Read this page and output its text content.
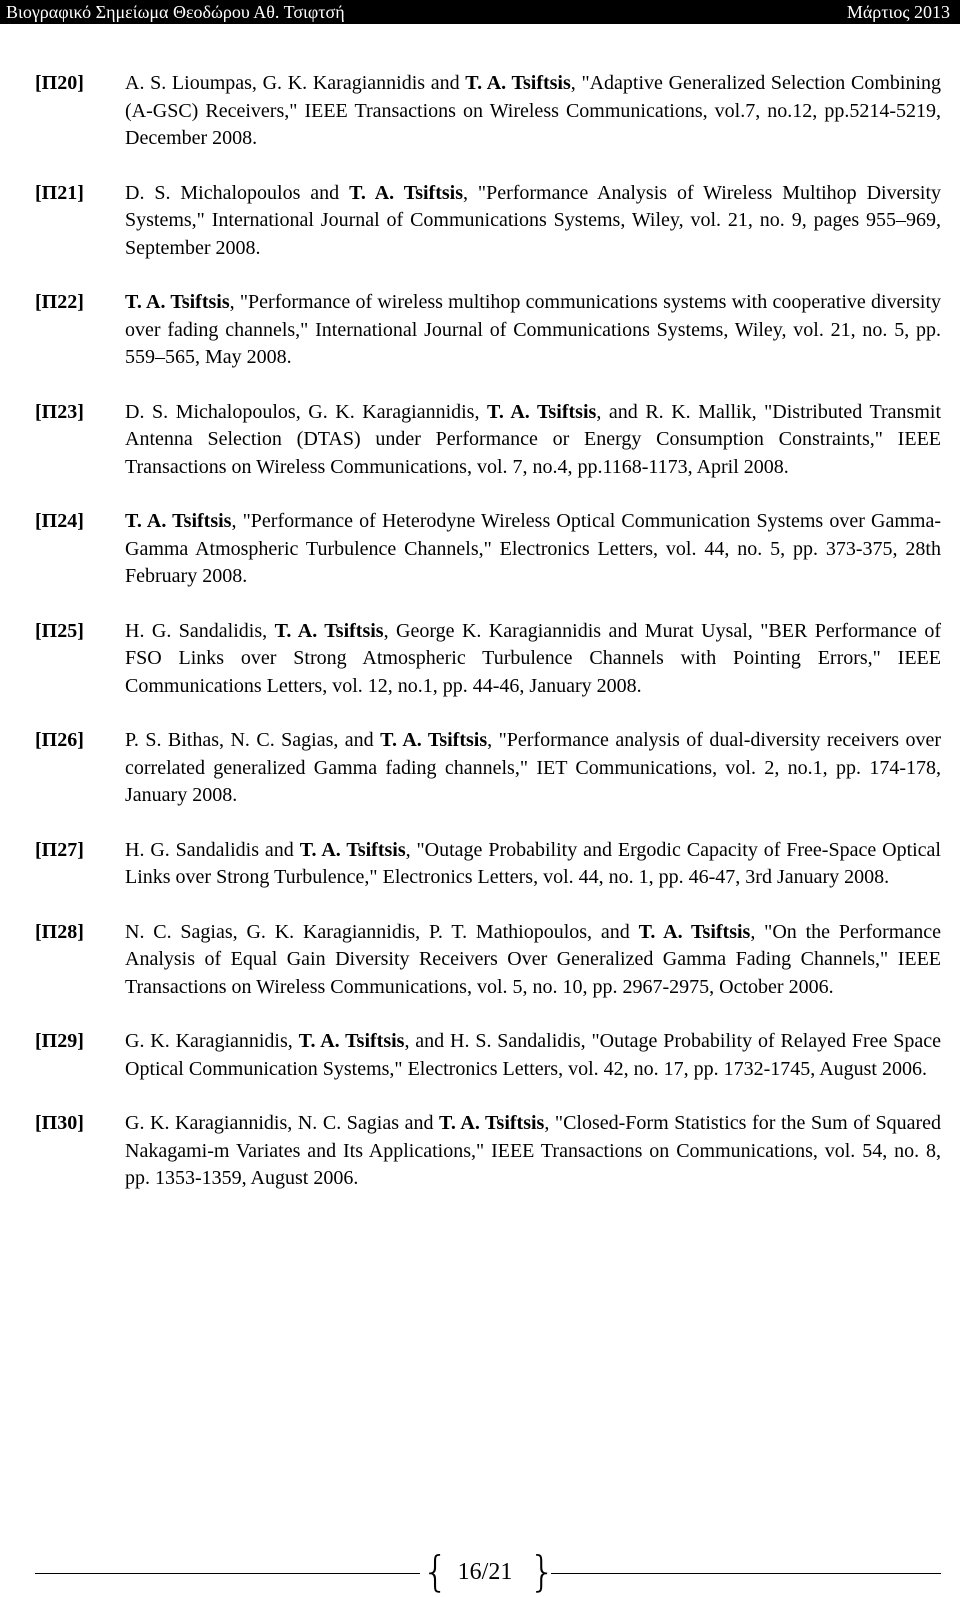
Βιογραφικό Σημείωμα Θεοδώρου Αθ. Τσιφτσή	Μάρτιος 2013
[Π20] A. S. Lioumpas, G. K. Karagiannidis and T. A. Tsiftsis, "Adaptive Generalized Selection Combining (A-GSC) Receivers," IEEE Transactions on Wireless Communications, vol.7, no.12, pp.5214-5219, December 2008.
[Π21] D. S. Michalopoulos and T. A. Tsiftsis, "Performance Analysis of Wireless Multihop Diversity Systems," International Journal of Communications Systems, Wiley, vol. 21, no. 9, pages 955–969, September 2008.
[Π22] T. A. Tsiftsis, "Performance of wireless multihop communications systems with cooperative diversity over fading channels," International Journal of Communications Systems, Wiley, vol. 21, no. 5, pp. 559–565, May 2008.
[Π23] D. S. Michalopoulos, G. K. Karagiannidis, T. A. Tsiftsis, and R. K. Mallik, "Distributed Transmit Antenna Selection (DTAS) under Performance or Energy Consumption Constraints," IEEE Transactions on Wireless Communications, vol. 7, no.4, pp.1168-1173, April 2008.
[Π24] T. A. Tsiftsis, "Performance of Heterodyne Wireless Optical Communication Systems over Gamma-Gamma Atmospheric Turbulence Channels," Electronics Letters, vol. 44, no. 5, pp. 373-375, 28th February 2008.
[Π25] H. G. Sandalidis, T. A. Tsiftsis, George K. Karagiannidis and Murat Uysal, "BER Performance of FSO Links over Strong Atmospheric Turbulence Channels with Pointing Errors," IEEE Communications Letters, vol. 12, no.1, pp. 44-46, January 2008.
[Π26] P. S. Bithas, N. C. Sagias, and T. A. Tsiftsis, "Performance analysis of dual-diversity receivers over correlated generalized Gamma fading channels," IET Communications, vol. 2, no.1, pp. 174-178, January 2008.
[Π27] H. G. Sandalidis and T. A. Tsiftsis, "Outage Probability and Ergodic Capacity of Free-Space Optical Links over Strong Turbulence," Electronics Letters, vol. 44, no. 1, pp. 46-47, 3rd January 2008.
[Π28] N. C. Sagias, G. K. Karagiannidis, P. T. Mathiopoulos, and T. A. Tsiftsis, "On the Performance Analysis of Equal Gain Diversity Receivers Over Generalized Gamma Fading Channels," IEEE Transactions on Wireless Communications, vol. 5, no. 10, pp. 2967-2975, October 2006.
[Π29] G. K. Karagiannidis, T. A. Tsiftsis, and H. S. Sandalidis, "Outage Probability of Relayed Free Space Optical Communication Systems," Electronics Letters, vol. 42, no. 17, pp. 1732-1745, August 2006.
[Π30] G. K. Karagiannidis, N. C. Sagias and T. A. Tsiftsis, "Closed-Form Statistics for the Sum of Squared Nakagami-m Variates and Its Applications," IEEE Transactions on Communications, vol. 54, no. 8, pp. 1353-1359, August 2006.
{ 16/21 }
